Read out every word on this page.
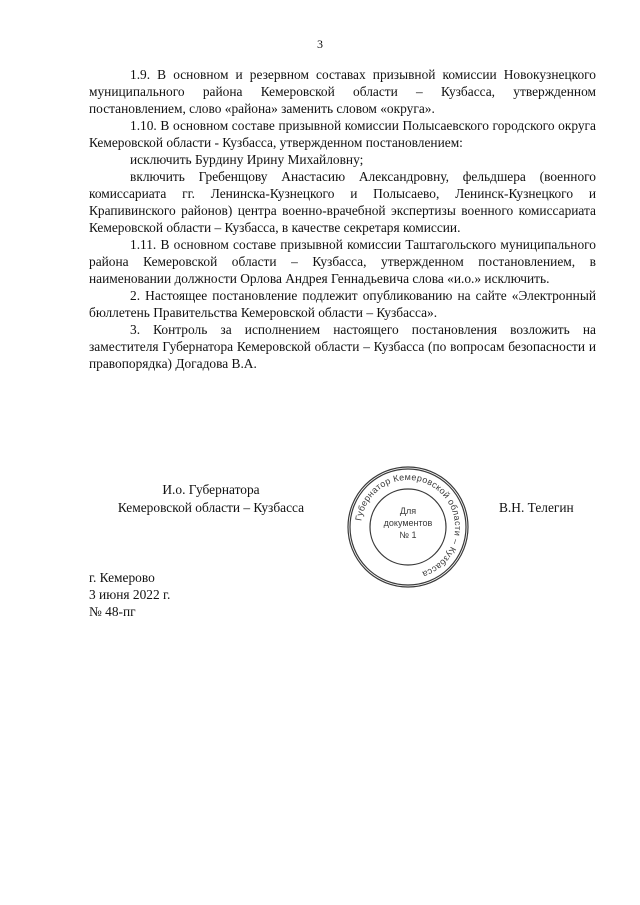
3

1.9. В основном и резервном составах призывной комиссии Новокузнецкого муниципального района Кемеровской области – Кузбасса, утвержденном постановлением, слово «района» заменить словом «округа».

1.10. В основном составе призывной комиссии Полысаевского городского округа Кемеровской области - Кузбасса, утвержденном постановлением:

исключить Бурдину Ирину Михайловну;

включить Гребенщову Анастасию Александровну, фельдшера (военного комиссариата гг. Ленинска-Кузнецкого и Полысаево, Ленинск-Кузнецкого и Крапивинского районов) центра военно-врачебной экспертизы военного комиссариата Кемеровской области – Кузбасса, в качестве секретаря комиссии.

1.11. В основном составе призывной комиссии Таштагольского муниципального района Кемеровской области – Кузбасса, утвержденном постановлением, в наименовании должности Орлова Андрея Геннадьевича слова «и.о.» исключить.

2. Настоящее постановление подлежит опубликованию на сайте «Электронный бюллетень Правительства Кемеровской области – Кузбасса».

3. Контроль за исполнением настоящего постановления возложить на заместителя Губернатора Кемеровской области – Кузбасса (по вопросам безопасности и правопорядка) Догадова В.А.

И.о. Губернатора
Кемеровской области – Кузбасса	В.Н. Телегин
Губернатор Кемеровской области – Кузбасса
Для
документов
№ 1
г. Кемерово
3 июня 2022 г.
№ 48-пг
